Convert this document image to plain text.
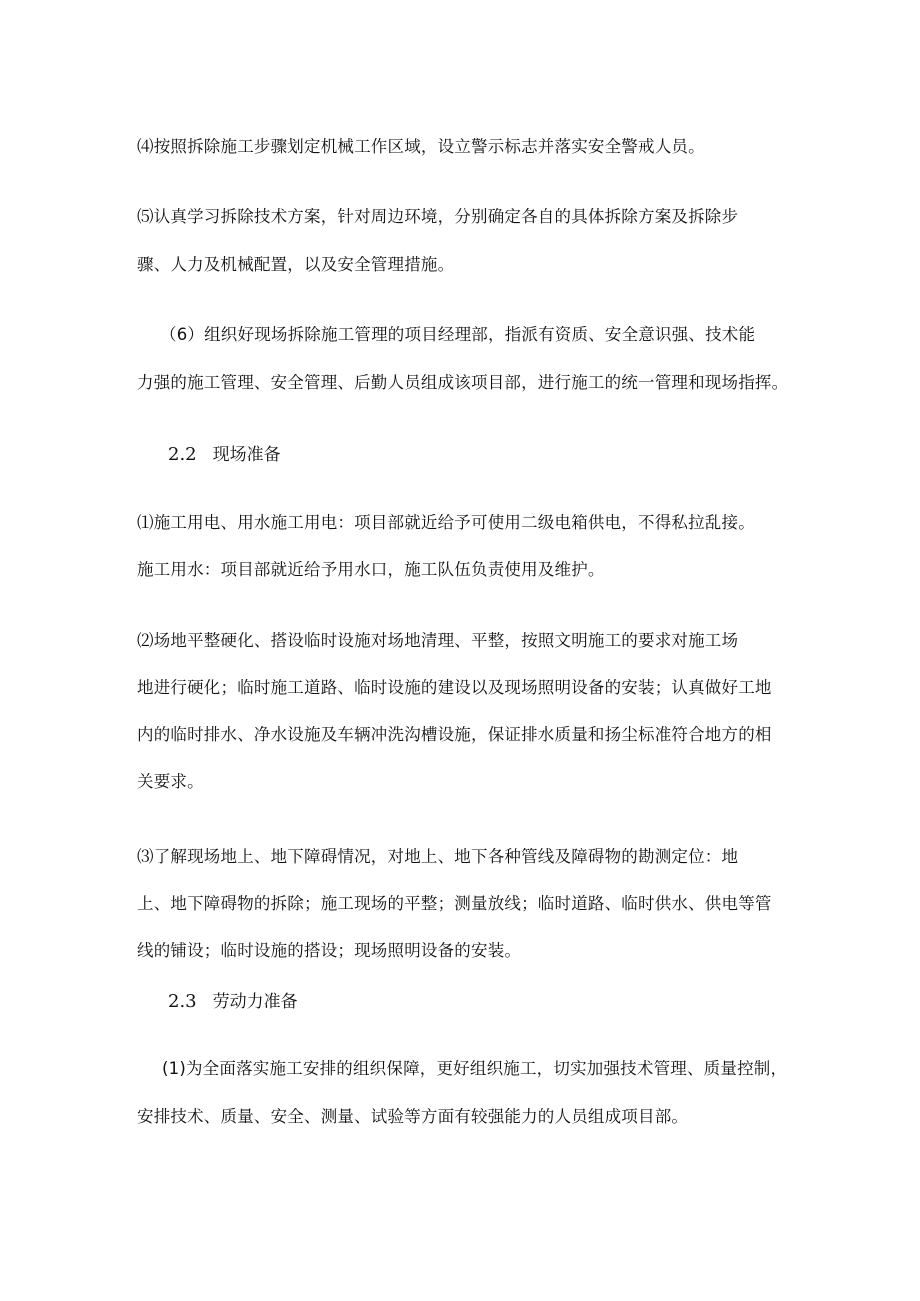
⑷按照拆除施工步骤划定机械工作区域，设立警示标志并落实安全警戒人员。
⑸认真学习拆除技术方案，针对周边环境，分别确定各自的具体拆除方案及拆除步
骤、人力及机械配置，以及安全管理措施。
（6）组织好现场拆除施工管理的项目经理部，指派有资质、安全意识强、技术能
力强的施工管理、安全管理、后勤人员组成该项目部，进行施工的统一管理和现场指挥。
2.2 现场准备
⑴施工用电、用水施工用电：项目部就近给予可使用二级电箱供电，不得私拉乱接。
施工用水：项目部就近给予用水口，施工队伍负责使用及维护。
⑵场地平整硬化、搭设临时设施对场地清理、平整，按照文明施工的要求对施工场
地进行硬化；临时施工道路、临时设施的建设以及现场照明设备的安装；认真做好工地
内的临时排水、净水设施及车辆冲洗沟槽设施，保证排水质量和扬尘标准符合地方的相
关要求。
⑶了解现场地上、地下障碍情况，对地上、地下各种管线及障碍物的勘测定位：地
上、地下障碍物的拆除；施工现场的平整；测量放线；临时道路、临时供水、供电等管
线的铺设；临时设施的搭设；现场照明设备的安装。
2.3 劳动力准备
(1)为全面落实施工安排的组织保障，更好组织施工，切实加强技术管理、质量控制，
安排技术、质量、安全、测量、试验等方面有较强能力的人员组成项目部。
